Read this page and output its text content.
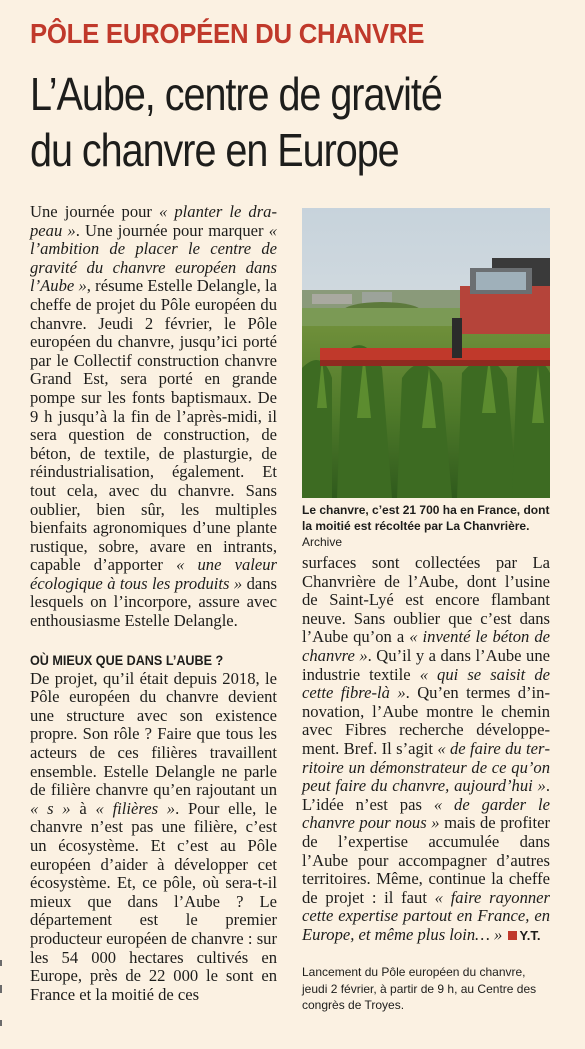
PÔLE EUROPÉEN DU CHANVRE
L’Aube, centre de gravité
du chanvre en Europe

Une journée pour « planter le drapeau ». Une journée pour marquer « l’ambition de placer le centre de gravité du chanvre européen dans l’Aube », résume Estelle Delangle, la cheffe de projet du Pôle européen du chanvre. Jeudi 2 février, le Pôle européen du chanvre, jusqu’ici porté par le Collectif construction chanvre Grand Est, sera porté en grande pompe sur les fonts baptismaux. De 9 h jusqu’à la fin de l’après-midi, il sera question de construction, de béton, de textile, de plasturgie, de réindustrialisation, également. Et tout cela, avec du chanvre. Sans oublier, bien sûr, les multiples bienfaits agronomiques d’une plante rustique, sobre, avare en intrants, capable d’apporter « une valeur écologique à tous les produits » dans lesquels on l’incorpore, assure avec enthousiasme Estelle Delangle.

OÙ MIEUX QUE DANS L’AUBE ?

De projet, qu’il était depuis 2018, le Pôle européen du chanvre devient une structure avec son existence propre. Son rôle ? Faire que tous les acteurs de ces filières travaillent ensemble. Estelle Delangle ne parle de filière chanvre qu’en rajoutant un « s » à « filières ». Pour elle, le chanvre n’est pas une filière, c’est un écosystème. Et c’est au Pôle européen d’aider à développer cet écosystème. Et, ce pôle, où sera-t-il mieux que dans l’Aube ? Le département est le premier producteur européen de chanvre : sur les 54 000 hectares cultivés en Europe, près de 22 000 le sont en France et la moitié de ces

Le chanvre, c’est 21 700 ha en France, dont la moitié est récoltée par La Chanvrière. Archive

surfaces sont collectées par La Chanvrière de l’Aube, dont l’usine de Saint-Lyé est encore flambant neuve. Sans oublier que c’est dans l’Aube qu’on a « inventé le béton de chanvre ». Qu’il y a dans l’Aube une industrie textile « qui se saisit de cette fibre-là ». Qu’en termes d’innovation, l’Aube montre le chemin avec Fibres recherche développement. Bref. Il s’agit « de faire du territoire un démonstrateur de ce qu’on peut faire du chanvre, aujourd’hui ». L’idée n’est pas « de garder le chanvre pour nous » mais de profiter de l’expertise accumulée dans l’Aube pour accompagner d’autres territoires. Même, continue la cheffe de projet : il faut « faire rayonner cette expertise partout en France, en Europe, et même plus loin… » Y.T.

Lancement du Pôle européen du chanvre, jeudi 2 février, à partir de 9 h, au Centre des congrès de Troyes.
